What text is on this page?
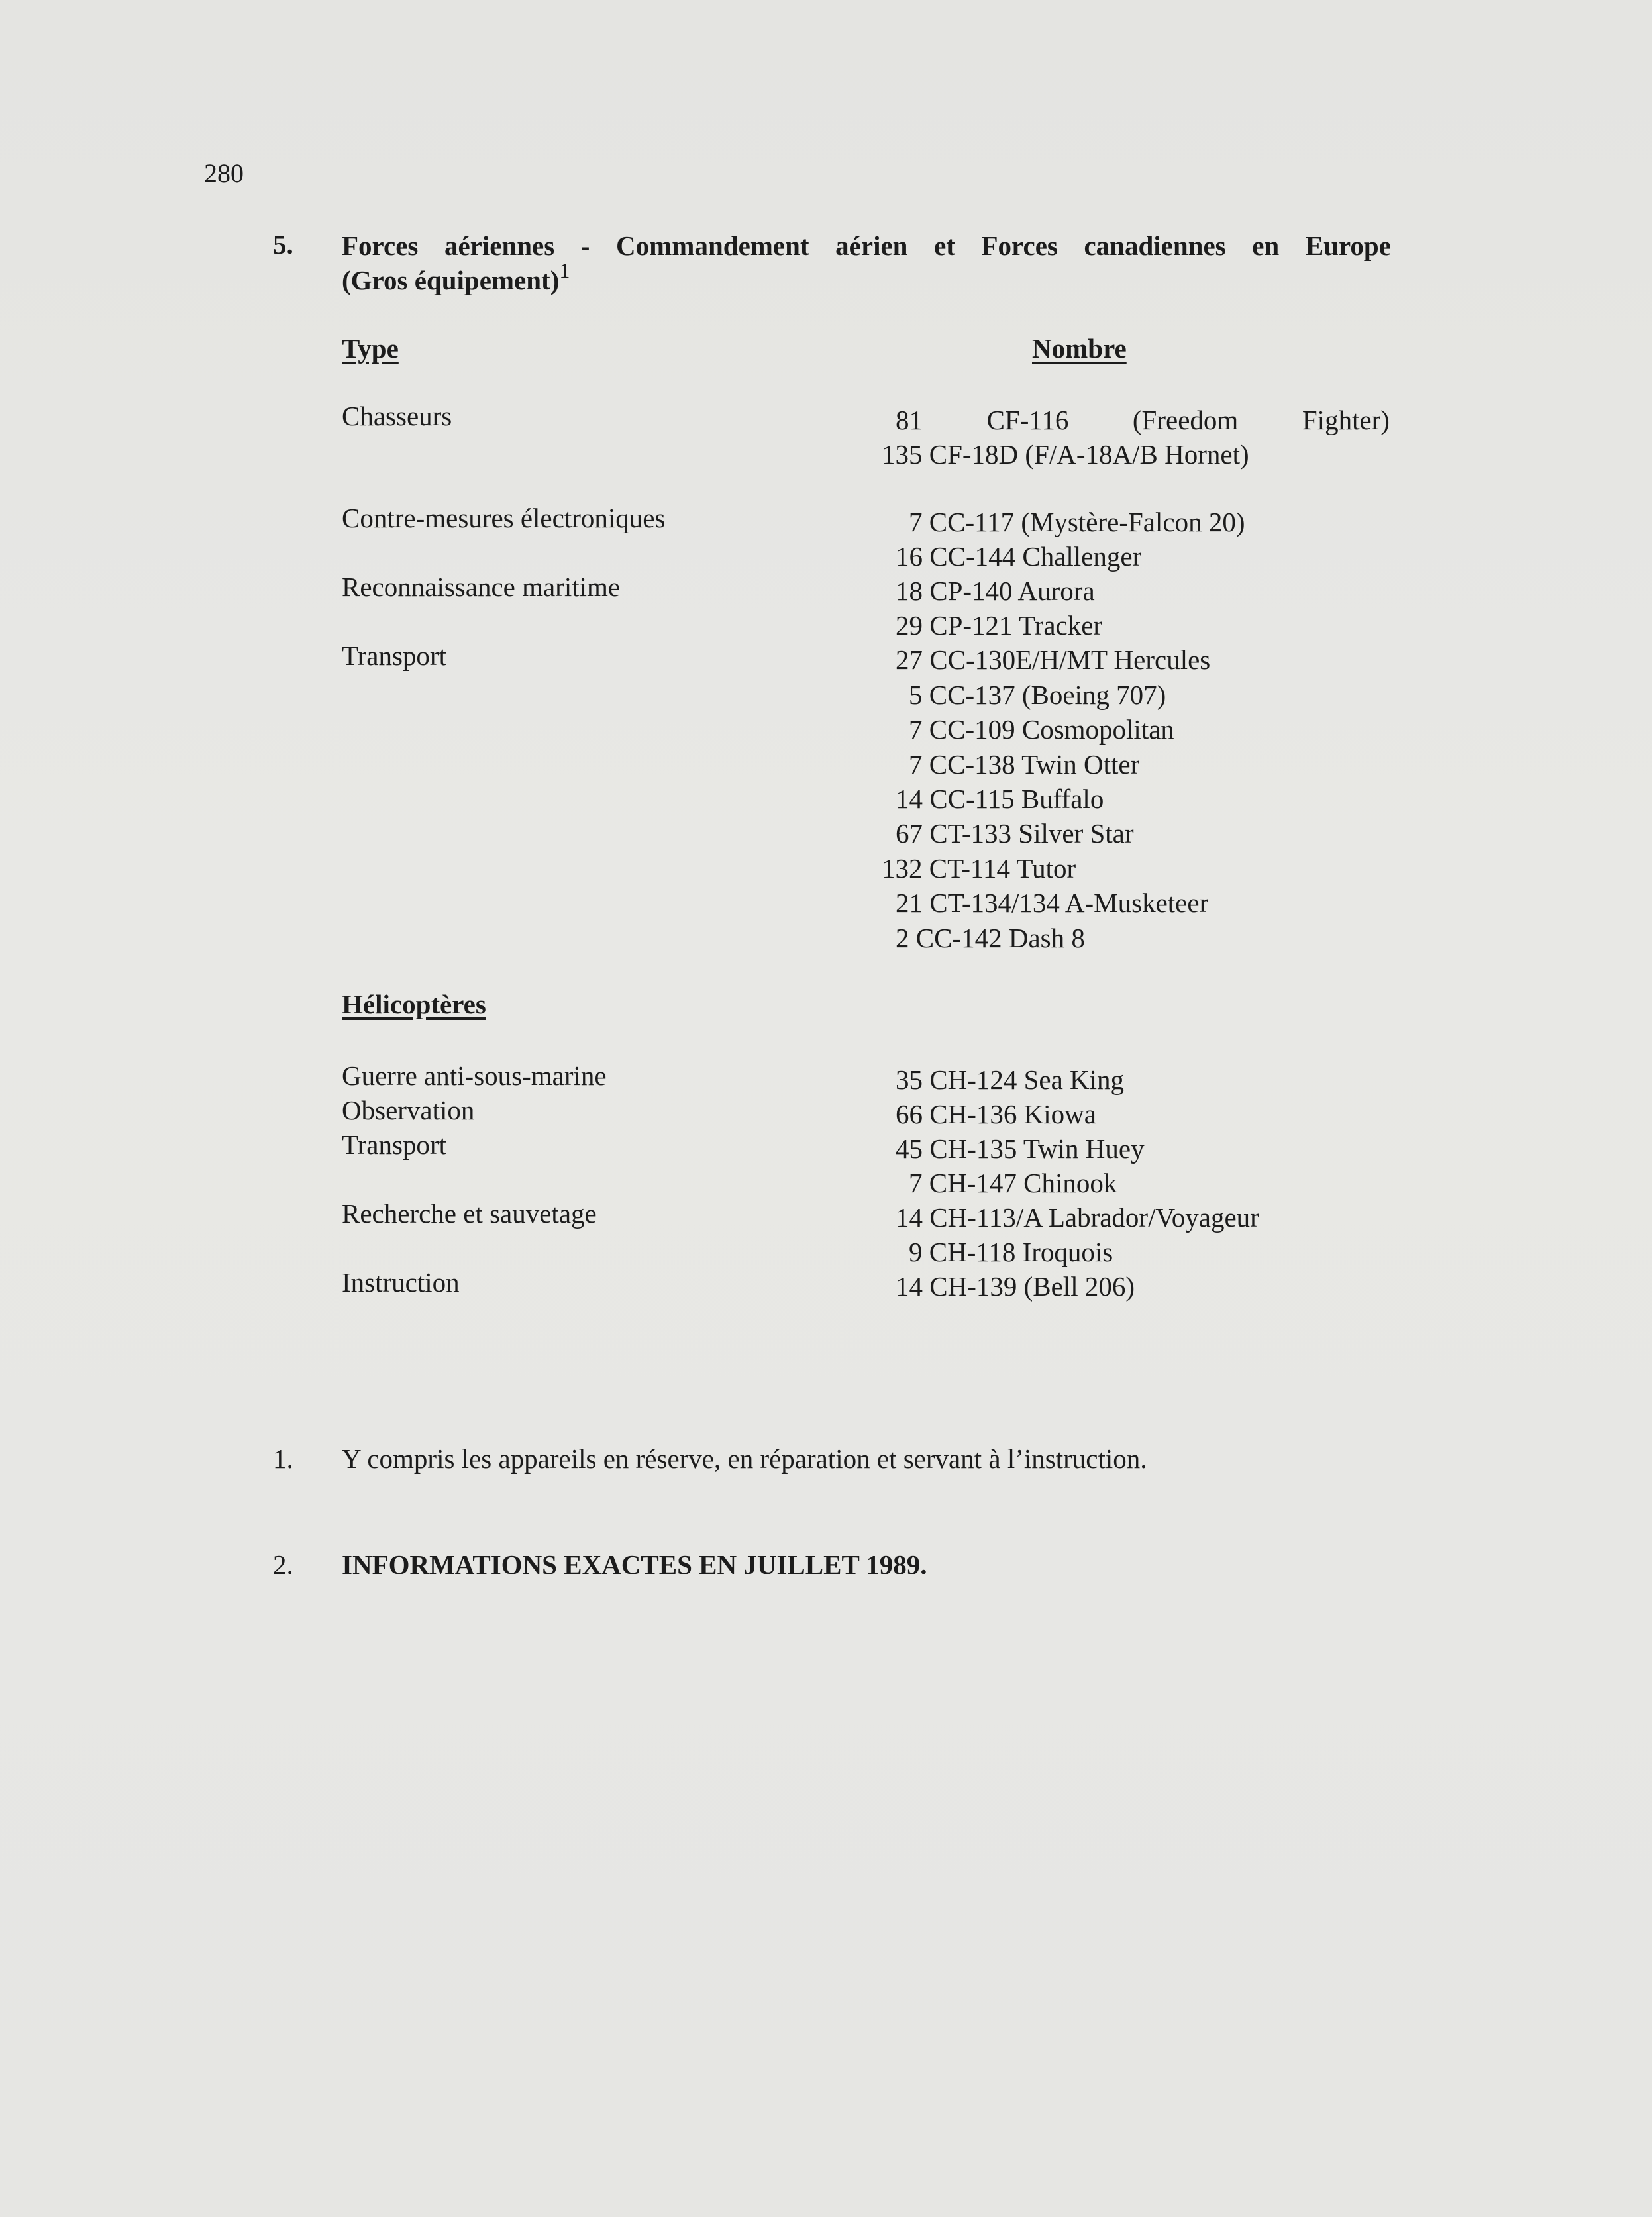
280
5. Forces aériennes - Commandement aérien et Forces canadiennes en Europe
(Gros équipement)$^1$
Type	Nombre
Chasseurs
Contre-mesures électroniques
Reconnaissance maritime
Transport
81 CF-116 (Freedom Fighter)
135 CF-18D (F/A-18A/B Hornet)
7 CC-117 (Mystère-Falcon 20)
16 CC-144 Challenger
18 CP-140 Aurora
29 CP-121 Tracker
27 CC-130E/H/MT Hercules
5 CC-137 (Boeing 707)
7 CC-109 Cosmopolitan
7 CC-138 Twin Otter
14 CC-115 Buffalo
67 CT-133 Silver Star
132 CT-114 Tutor
21 CT-134/134 A-Musketeer
2 CC-142 Dash 8
Hélicoptères
Guerre anti-sous-marine
Observation
Transport
Recherche et sauvetage
Instruction
35 CH-124 Sea King
66 CH-136 Kiowa
45 CH-135 Twin Huey
7 CH-147 Chinook
14 CH-113/A Labrador/Voyageur
9 CH-118 Iroquois
14 CH-139 (Bell 206)
1. Y compris les appareils en réserve, en réparation et servant à l’instruction.
2. INFORMATIONS EXACTES EN JUILLET 1989.
